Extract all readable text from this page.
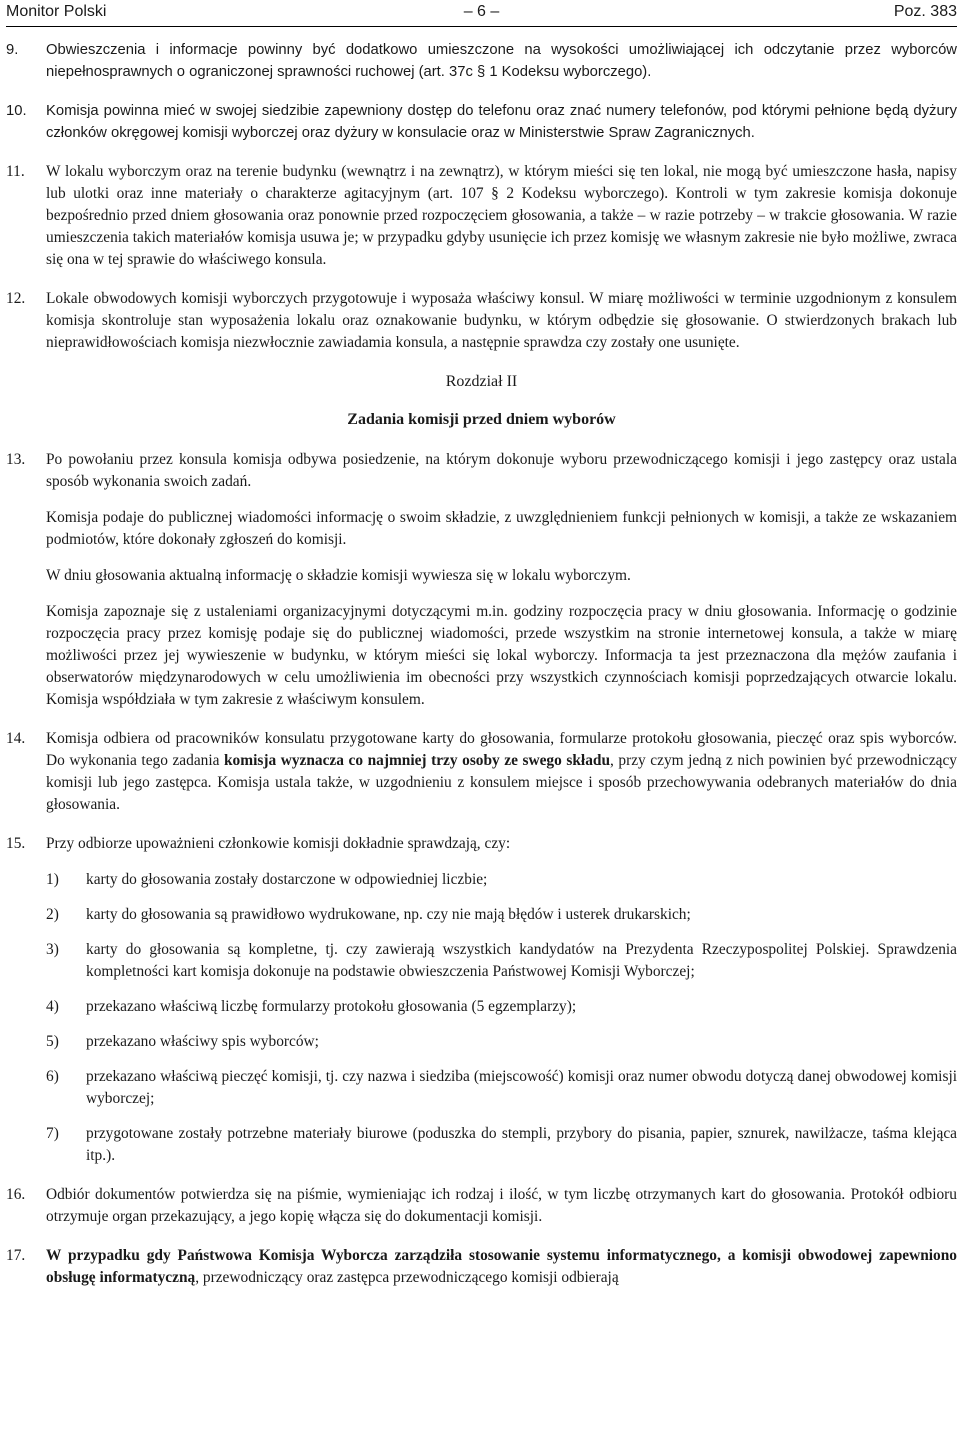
Monitor Polski	– 6 –	Poz. 383
9.	Obwieszczenia i informacje powinny być dodatkowo umieszczone na wysokości umożliwiającej ich odczytanie przez wyborców niepełnosprawnych o ograniczonej sprawności ruchowej (art. 37c § 1 Kodeksu wyborczego).

10.	Komisja powinna mieć w swojej siedzibie zapewniony dostęp do telefonu oraz znać numery telefonów, pod którymi pełnione będą dyżury członków okręgowej komisji wyborczej oraz dyżury w konsulacie oraz w Ministerstwie Spraw Zagranicznych.

11.	W lokalu wyborczym oraz na terenie budynku (wewnątrz i na zewnątrz), w którym mieści się ten lokal, nie mogą być umieszczone hasła, napisy lub ulotki oraz inne materiały o charakterze agitacyjnym (art. 107 § 2 Kodeksu wyborczego). Kontroli w tym zakresie komisja dokonuje bezpośrednio przed dniem głosowania oraz ponownie przed rozpoczęciem głosowania, a także – w razie potrzeby – w trakcie głosowania. W razie umieszczenia takich materiałów komisja usuwa je; w przypadku gdyby usunięcie ich przez komisję we własnym zakresie nie było możliwe, zwraca się ona w tej sprawie do właściwego konsula.

12.	Lokale obwodowych komisji wyborczych przygotowuje i wyposaża właściwy konsul. W miarę możliwości w terminie uzgodnionym z konsulem komisja skontroluje stan wyposażenia lokalu oraz oznakowanie budynku, w którym odbędzie się głosowanie. O stwierdzonych brakach lub nieprawidłowościach komisja niezwłocznie zawiadamia konsula, a następnie sprawdza czy zostały one usunięte.

Rozdział II
Zadania komisji przed dniem wyborów
13.	Po powołaniu przez konsula komisja odbywa posiedzenie, na którym dokonuje wyboru przewodniczącego komisji i jego zastępcy oraz ustala sposób wykonania swoich zadań.

Komisja podaje do publicznej wiadomości informację o swoim składzie, z uwzględnieniem funkcji pełnionych w komisji, a także ze wskazaniem podmiotów, które dokonały zgłoszeń do komisji.

W dniu głosowania aktualną informację o składzie komisji wywiesza się w lokalu wyborczym.

Komisja zapoznaje się z ustaleniami organizacyjnymi dotyczącymi m.in. godziny rozpoczęcia pracy w dniu głosowania. Informację o godzinie rozpoczęcia pracy przez komisję podaje się do publicznej wiadomości, przede wszystkim na stronie internetowej konsula, a także w miarę możliwości przez jej wywieszenie w budynku, w którym mieści się lokal wyborczy. Informacja ta jest przeznaczona dla mężów zaufania i obserwatorów międzynarodowych w celu umożliwienia im obecności przy wszystkich czynnościach komisji poprzedzających otwarcie lokalu. Komisja współdziała w tym zakresie z właściwym konsulem.

14.	Komisja odbiera od pracowników konsulatu przygotowane karty do głosowania, formularze protokołu głosowania, pieczęć oraz spis wyborców. Do wykonania tego zadania komisja wyznacza co najmniej trzy osoby ze swego składu, przy czym jedną z nich powinien być przewodniczący komisji lub jego zastępca. Komisja ustala także, w uzgodnieniu z konsulem miejsce i sposób przechowywania odebranych materiałów do dnia głosowania.

15.	Przy odbiorze upoważnieni członkowie komisji dokładnie sprawdzają, czy:

1)	karty do głosowania zostały dostarczone w odpowiedniej liczbie;
2)	karty do głosowania są prawidłowo wydrukowane, np. czy nie mają błędów i usterek drukarskich;
3)	karty do głosowania są kompletne, tj. czy zawierają wszystkich kandydatów na Prezydenta Rzeczypospolitej Polskiej. Sprawdzenia kompletności kart komisja dokonuje na podstawie obwieszczenia Państwowej Komisji Wyborczej;
4)	przekazano właściwą liczbę formularzy protokołu głosowania (5 egzemplarzy);
5)	przekazano właściwy spis wyborców;
6)	przekazano właściwą pieczęć komisji, tj. czy nazwa i siedziba (miejscowość) komisji oraz numer obwodu dotyczą danej obwodowej komisji wyborczej;
7)	przygotowane zostały potrzebne materiały biurowe (poduszka do stempli, przybory do pisania, papier, sznurek, nawilżacze, taśma klejąca itp.).
16.	Odbiór dokumentów potwierdza się na piśmie, wymieniając ich rodzaj i ilość, w tym liczbę otrzymanych kart do głosowania. Protokół odbioru otrzymuje organ przekazujący, a jego kopię włącza się do dokumentacji komisji.

17.	W przypadku gdy Państwowa Komisja Wyborcza zarządziła stosowanie systemu informatycznego, a komisji obwodowej zapewniono obsługę informatyczną, przewodniczący oraz zastępca przewodniczącego komisji odbierają
